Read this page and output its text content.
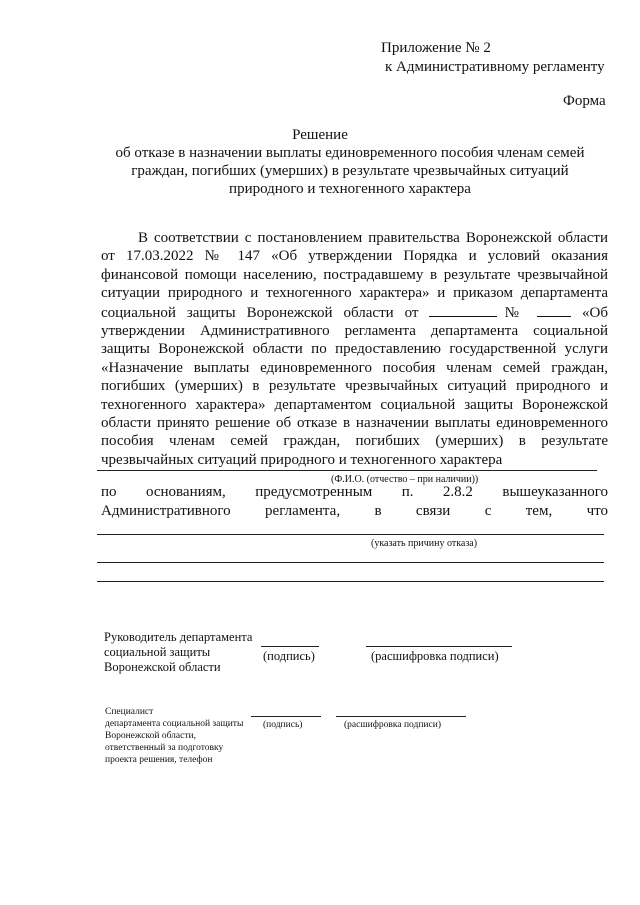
Приложение № 2
к Административному регламенту
Форма
Решение
об отказе в назначении выплаты единовременного пособия членам семей граждан, погибших (умерших) в результате чрезвычайных ситуаций природного и техногенного характера
В соответствии с постановлением правительства Воронежской области от 17.03.2022 № 147 «Об утверждении Порядка и условий оказания финансовой помощи населению, пострадавшему в результате чрезвычайной ситуации природного и техногенного характера» и приказом департамента социальной защиты Воронежской области от	№	«Об утверждении Административного регламента департамента социальной защиты Воронежской области по предоставлению государственной услуги «Назначение выплаты единовременного пособия членам семей граждан, погибших (умерших) в результате чрезвычайных ситуаций природного и техногенного характера» департаментом социальной защиты Воронежской области принято решение об отказе в назначении выплаты единовременного пособия членам семей граждан, погибших (умерших) в результате чрезвычайных ситуаций природного и техногенного характера
(Ф.И.О. (отчество – при наличии))
по основаниям, предусмотренным п. 2.8.2 вышеуказанного Административного регламента, в связи с тем, что
(указать причину отказа)
Руководитель департамента социальной защиты Воронежской области
(подпись)	(расшифровка подписи)
Специалист
департамента социальной защиты Воронежской области, ответственный за подготовку проекта решения, телефон
(подпись)	(расшифровка подписи)
